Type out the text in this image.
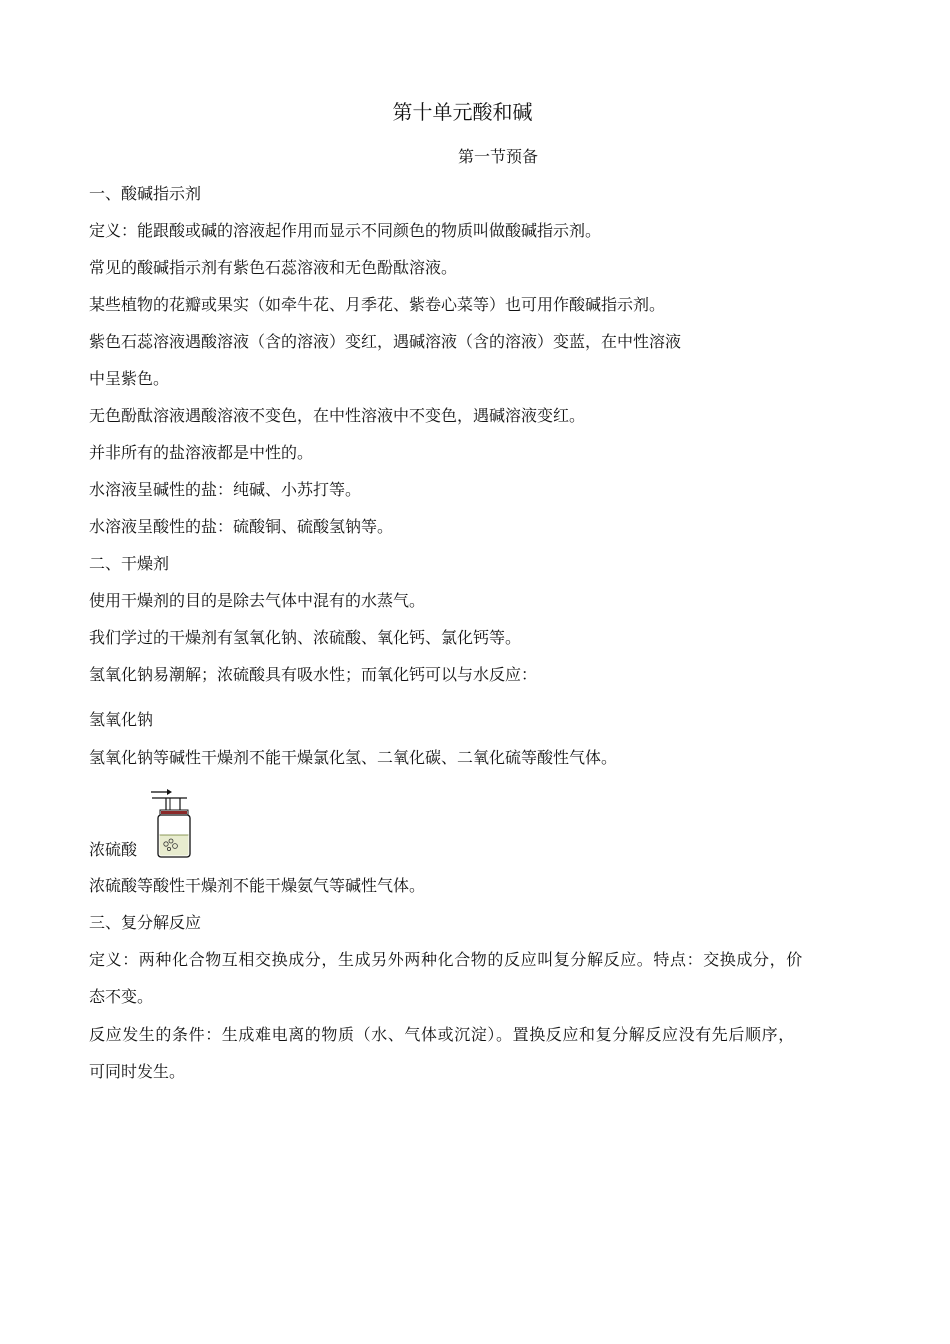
第十单元酸和碱
第一节预备
一、酸碱指示剂
定义：能跟酸或碱的溶液起作用而显示不同颜色的物质叫做酸碱指示剂。
常见的酸碱指示剂有紫色石蕊溶液和无色酚酞溶液。
某些植物的花瓣或果实（如牵牛花、月季花、紫卷心菜等）也可用作酸碱指示剂。
紫色石蕊溶液遇酸溶液（含的溶液）变红，遇碱溶液（含的溶液）变蓝，在中性溶液
中呈紫色。
无色酚酞溶液遇酸溶液不变色，在中性溶液中不变色，遇碱溶液变红。
并非所有的盐溶液都是中性的。
水溶液呈碱性的盐：纯碱、小苏打等。
水溶液呈酸性的盐：硫酸铜、硫酸氢钠等。
二、干燥剂
使用干燥剂的目的是除去气体中混有的水蒸气。
我们学过的干燥剂有氢氧化钠、浓硫酸、氧化钙、氯化钙等。
氢氧化钠易潮解；浓硫酸具有吸水性；而氧化钙可以与水反应：
氢氧化钠
氢氧化钠等碱性干燥剂不能干燥氯化氢、二氧化碳、二氧化硫等酸性气体。
浓硫酸
浓硫酸等酸性干燥剂不能干燥氨气等碱性气体。
三、复分解反应
定义：两种化合物互相交换成分，生成另外两种化合物的反应叫复分解反应。特点：交换成分，价
态不变。
反应发生的条件：生成难电离的物质（水、气体或沉淀）。置换反应和复分解反应没有先后顺序，
可同时发生。
